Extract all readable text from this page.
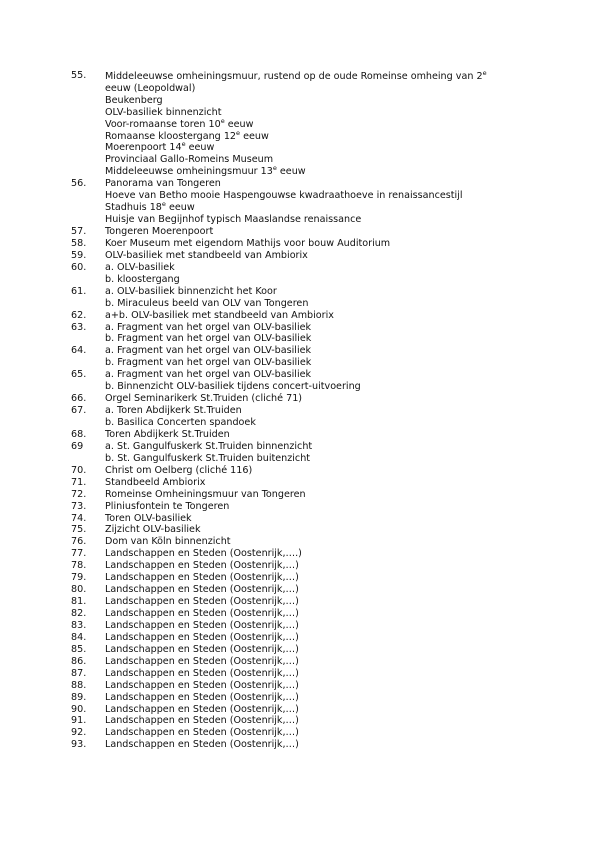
55. Middeleeuwse omheiningsmuur, rustend op de oude Romeinse omheing van 2e
eeuw (Leopoldwal)
Beukenberg
OLV-basiliek binnenzicht
Voor-romaanse toren 10e eeuw
Romaanse kloostergang 12e eeuw
Moerenpoort 14e eeuw
Provinciaal Gallo-Romeins Museum
Middeleeuwse omheiningsmuur 13e eeuw
56. Panorama van Tongeren
Hoeve van Betho mooie Haspengouwse kwadraathoeve in renaissancestijl
Stadhuis 18e eeuw
Huisje van Begijnhof typisch Maaslandse renaissance
57. Tongeren Moerenpoort
58. Koer Museum met eigendom Mathijs voor bouw Auditorium
59. OLV-basiliek met standbeeld van Ambiorix
60. a. OLV-basiliek
b. kloostergang
61. a. OLV-basiliek binnenzicht het Koor
b. Miraculeus beeld van OLV van Tongeren
62. a+b. OLV-basiliek met standbeeld van Ambiorix
63. a. Fragment van het orgel van OLV-basiliek
b. Fragment van het orgel van OLV-basiliek
64. a. Fragment van het orgel van OLV-basiliek
b. Fragment van het orgel van OLV-basiliek
65. a. Fragment van het orgel van OLV-basiliek
b. Binnenzicht OLV-basiliek tijdens concert-uitvoering
66. Orgel Seminarikerk St.Truiden (cliché 71)
67. a. Toren Abdijkerk St.Truiden
b. Basilica Concerten spandoek
68. Toren Abdijkerk St.Truiden
69 a. St. Gangulfuskerk St.Truiden binnenzicht
b. St. Gangulfuskerk St.Truiden buitenzicht
70. Christ om Oelberg (cliché 116)
71. Standbeeld Ambiorix
72. Romeinse Omheiningsmuur van Tongeren
73. Pliniusfontein te Tongeren
74. Toren OLV-basiliek
75. Zijzicht OLV-basiliek
76. Dom van Köln binnenzicht
77. Landschappen en Steden (Oostenrijk,….)
78. Landschappen en Steden (Oostenrijk,…)
79. Landschappen en Steden (Oostenrijk,…)
80. Landschappen en Steden (Oostenrijk,…)
81. Landschappen en Steden (Oostenrijk,…)
82. Landschappen en Steden (Oostenrijk,…)
83. Landschappen en Steden (Oostenrijk,…)
84. Landschappen en Steden (Oostenrijk,…)
85. Landschappen en Steden (Oostenrijk,…)
86. Landschappen en Steden (Oostenrijk,…)
87. Landschappen en Steden (Oostenrijk,…)
88. Landschappen en Steden (Oostenrijk,…)
89. Landschappen en Steden (Oostenrijk,…)
90. Landschappen en Steden (Oostenrijk,…)
91. Landschappen en Steden (Oostenrijk,…)
92. Landschappen en Steden (Oostenrijk,…)
93. Landschappen en Steden (Oostenrijk,…)
